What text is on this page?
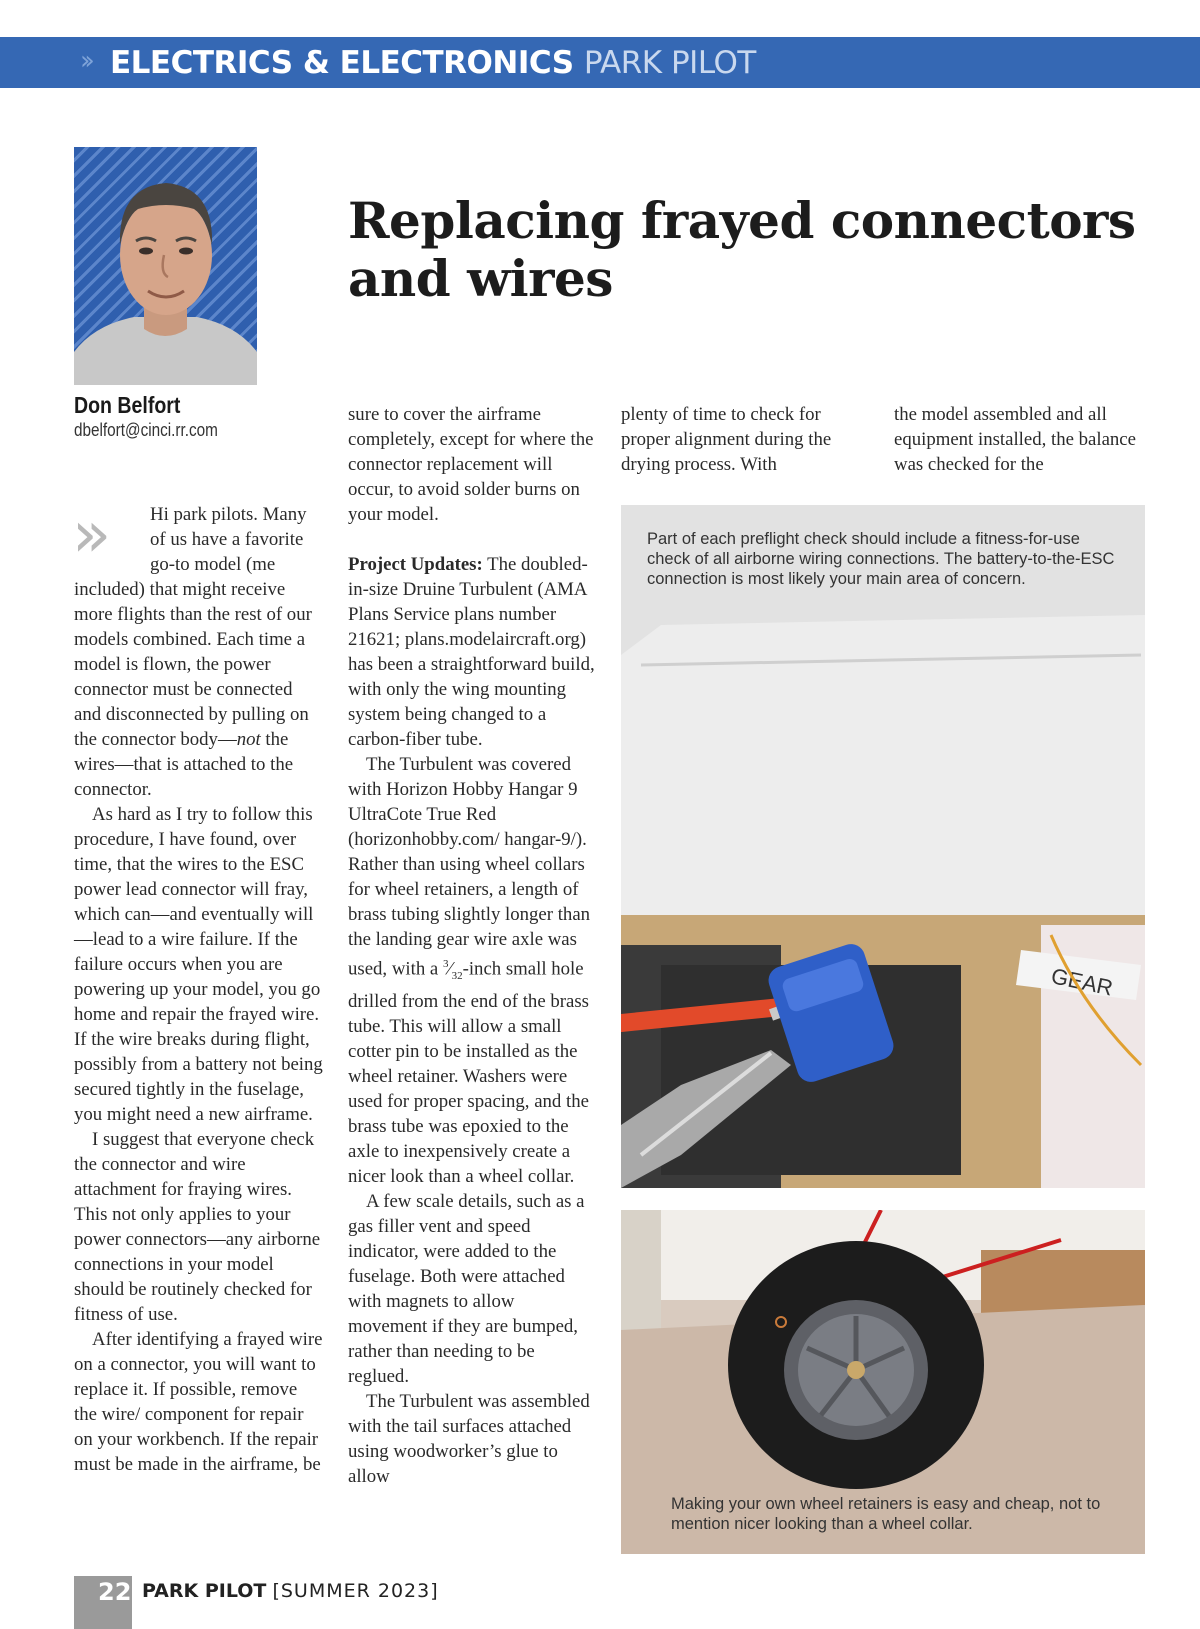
›› ELECTRICS & ELECTRONICS PARK PILOT
Don Belfort
dbelfort@cinci.rr.com
Replacing frayed connectors and wires
»	Hi park pilots. Many of us have a favorite go-to model (me included) that might receive more flights than the rest of our models combined. Each time a model is flown, the power connector must be connected and disconnected by pulling on the connector body—not the wires—that is attached to the connector.

As hard as I try to follow this procedure, I have found, over time, that the wires to the ESC power lead connector will fray, which can—and eventually will—lead to a wire failure. If the failure occurs when you are powering up your model, you go home and repair the frayed wire. If the wire breaks during flight, possibly from a battery not being secured tightly in the fuselage, you might need a new airframe.

I suggest that everyone check the connector and wire attachment for fraying wires. This not only applies to your power connectors—any airborne connections in your model should be routinely checked for fitness of use.

After identifying a frayed wire on a connector, you will want to replace it. If possible, remove the wire/ component for repair on your workbench. If the repair must be made in the airframe, be

sure to cover the airframe completely, except for where the connector replacement will occur, to avoid solder burns on your model.

Project Updates: The doubled-in-size Druine Turbulent (AMA Plans Service plans number 21621; plans.modelaircraft.org) has been a straightforward build, with only the wing mounting system being changed to a carbon-fiber tube.

The Turbulent was covered with Horizon Hobby Hangar 9 UltraCote True Red (horizonhobby.com/ hangar-9/). Rather than using wheel collars for wheel retainers, a length of brass tubing slightly longer than the landing gear wire axle was used, with a $^3⁄_{32}$-inch small hole drilled from the end of the brass tube. This will allow a small cotter pin to be installed as the wheel retainer. Washers were used for proper spacing, and the brass tube was epoxied to the axle to inexpensively create a nicer look than a wheel collar.

A few scale details, such as a gas filler vent and speed indicator, were added to the fuselage. Both were attached with magnets to allow movement if they are bumped, rather than needing to be reglued.

The Turbulent was assembled with the tail surfaces attached using woodworker’s glue to allow

plenty of time to check for proper alignment during the drying process. With

the model assembled and all equipment installed, the balance was checked for the

GEAR
Part of each preflight check should include a fitness-for-use check of all airborne wiring connections. The battery-to-the-ESC connection is most likely your main area of concern.
Making your own wheel retainers is easy and cheap, not to mention nicer looking than a wheel collar.
22 PARK PILOT [SUMMER 2023]
